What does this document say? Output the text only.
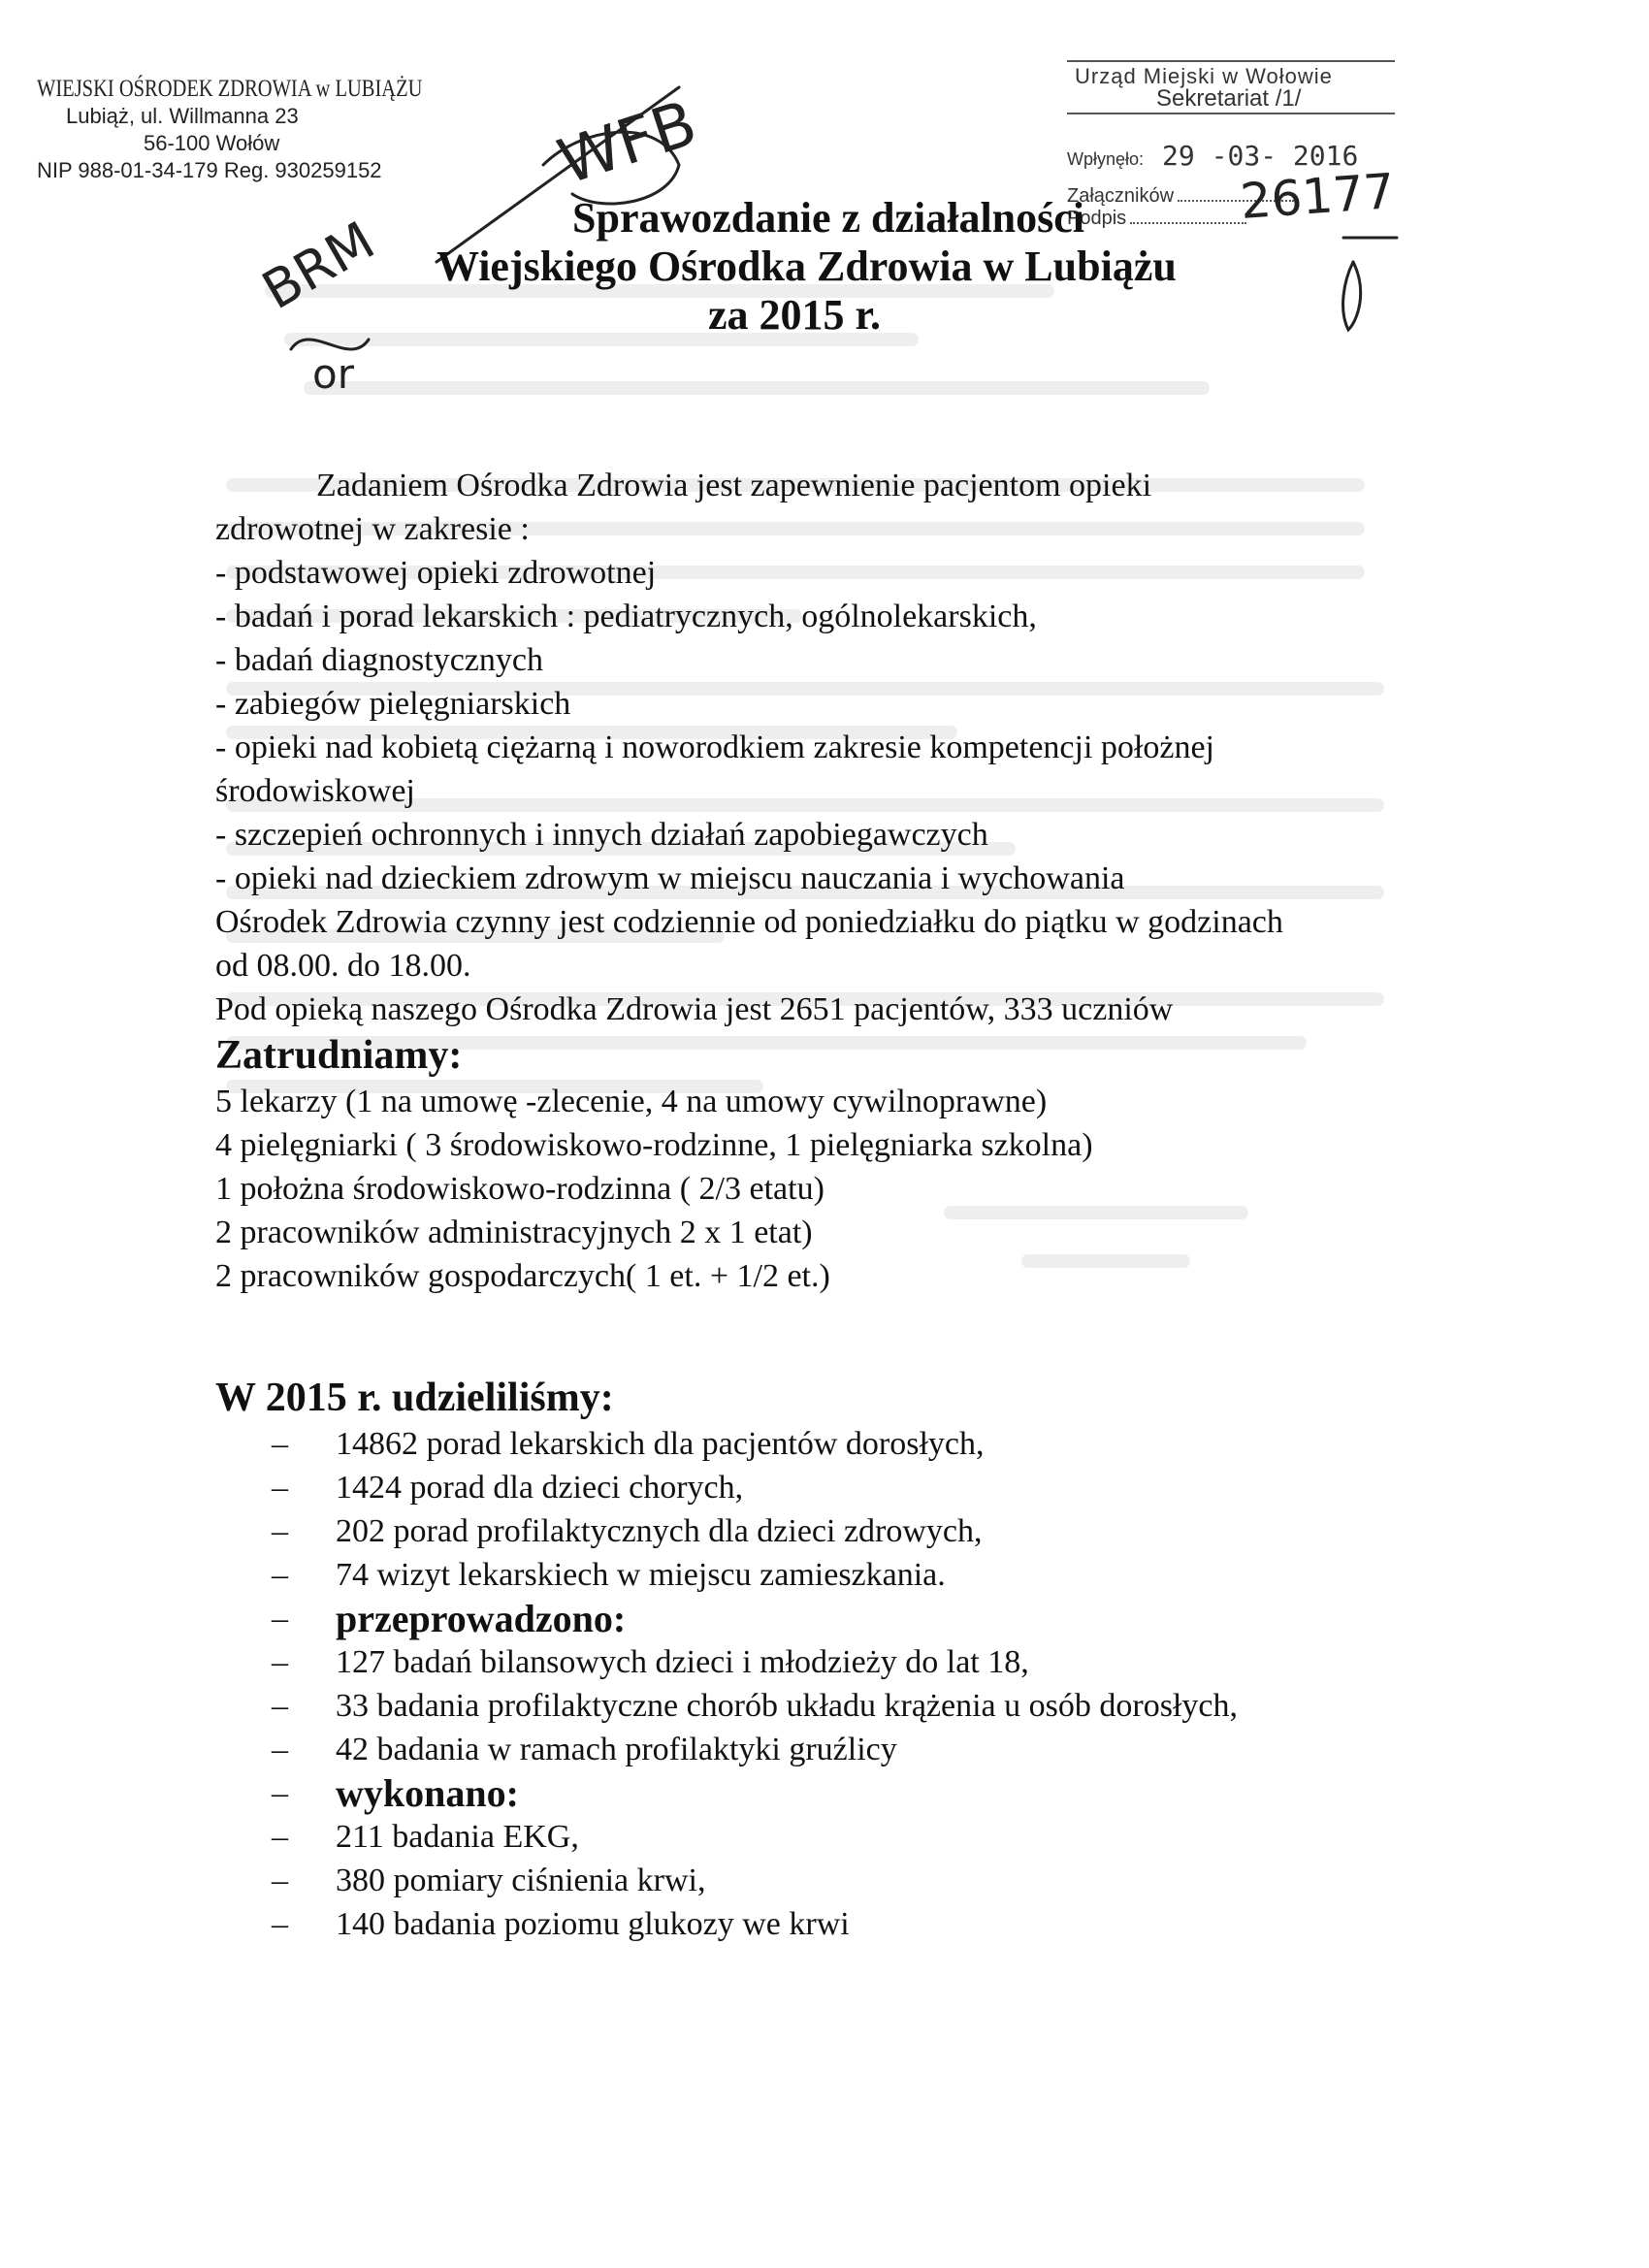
WIEJSKI OŚRODEK ZDROWIA w LUBIĄŻU
Lubiąż, ul. Willmanna 23
56-100 Wołów
NIP 988-01-34-179 Reg. 930259152
Urząd Miejski w Wołowie
Sekretariat /1/
Wpłynęło: 29 -03- 2016
Załączników
Podpis
WFB
BRM
or
26177
Sprawozdanie z działalności
Wiejskiego Ośrodka Zdrowia w Lubiążu
za 2015 r.

Zadaniem Ośrodka Zdrowia jest zapewnienie pacjentom opieki

zdrowotnej w zakresie :

- podstawowej opieki zdrowotnej

- badań i porad lekarskich : pediatrycznych, ogólnolekarskich,

- badań diagnostycznych

- zabiegów pielęgniarskich

- opieki nad kobietą ciężarną i noworodkiem zakresie kompetencji położnej

środowiskowej

- szczepień ochronnych i innych działań zapobiegawczych

- opieki nad dzieckiem zdrowym w miejscu nauczania i wychowania

Ośrodek Zdrowia czynny jest codziennie od poniedziałku do piątku w godzinach

od 08.00. do 18.00.

Pod opieką naszego Ośrodka Zdrowia jest 2651 pacjentów, 333 uczniów

Zatrudniamy:

5 lekarzy (1 na umowę -zlecenie, 4 na umowy cywilnoprawne)

4 pielęgniarki ( 3 środowiskowo-rodzinne, 1 pielęgniarka szkolna)

1 położna środowiskowo-rodzinna ( 2/3 etatu)

2 pracowników administracyjnych 2 x 1 etat)

2 pracowników gospodarczych( 1 et. + 1/2 et.)

W 2015 r. udzieliliśmy:

–	14862 porad lekarskich dla pacjentów dorosłych,
–	1424 porad dla dzieci chorych,
–	202 porad profilaktycznych dla dzieci zdrowych,
–	74 wizyt lekarskiech w miejscu zamieszkania.
–	przeprowadzono:
–	127 badań bilansowych dzieci i młodzieży do lat 18,
–	33 badania profilaktyczne chorób układu krążenia u osób dorosłych,
–	42 badania w ramach profilaktyki gruźlicy
–	wykonano:
–	211 badania EKG,
–	380 pomiary ciśnienia krwi,
–	140 badania poziomu glukozy we krwi
